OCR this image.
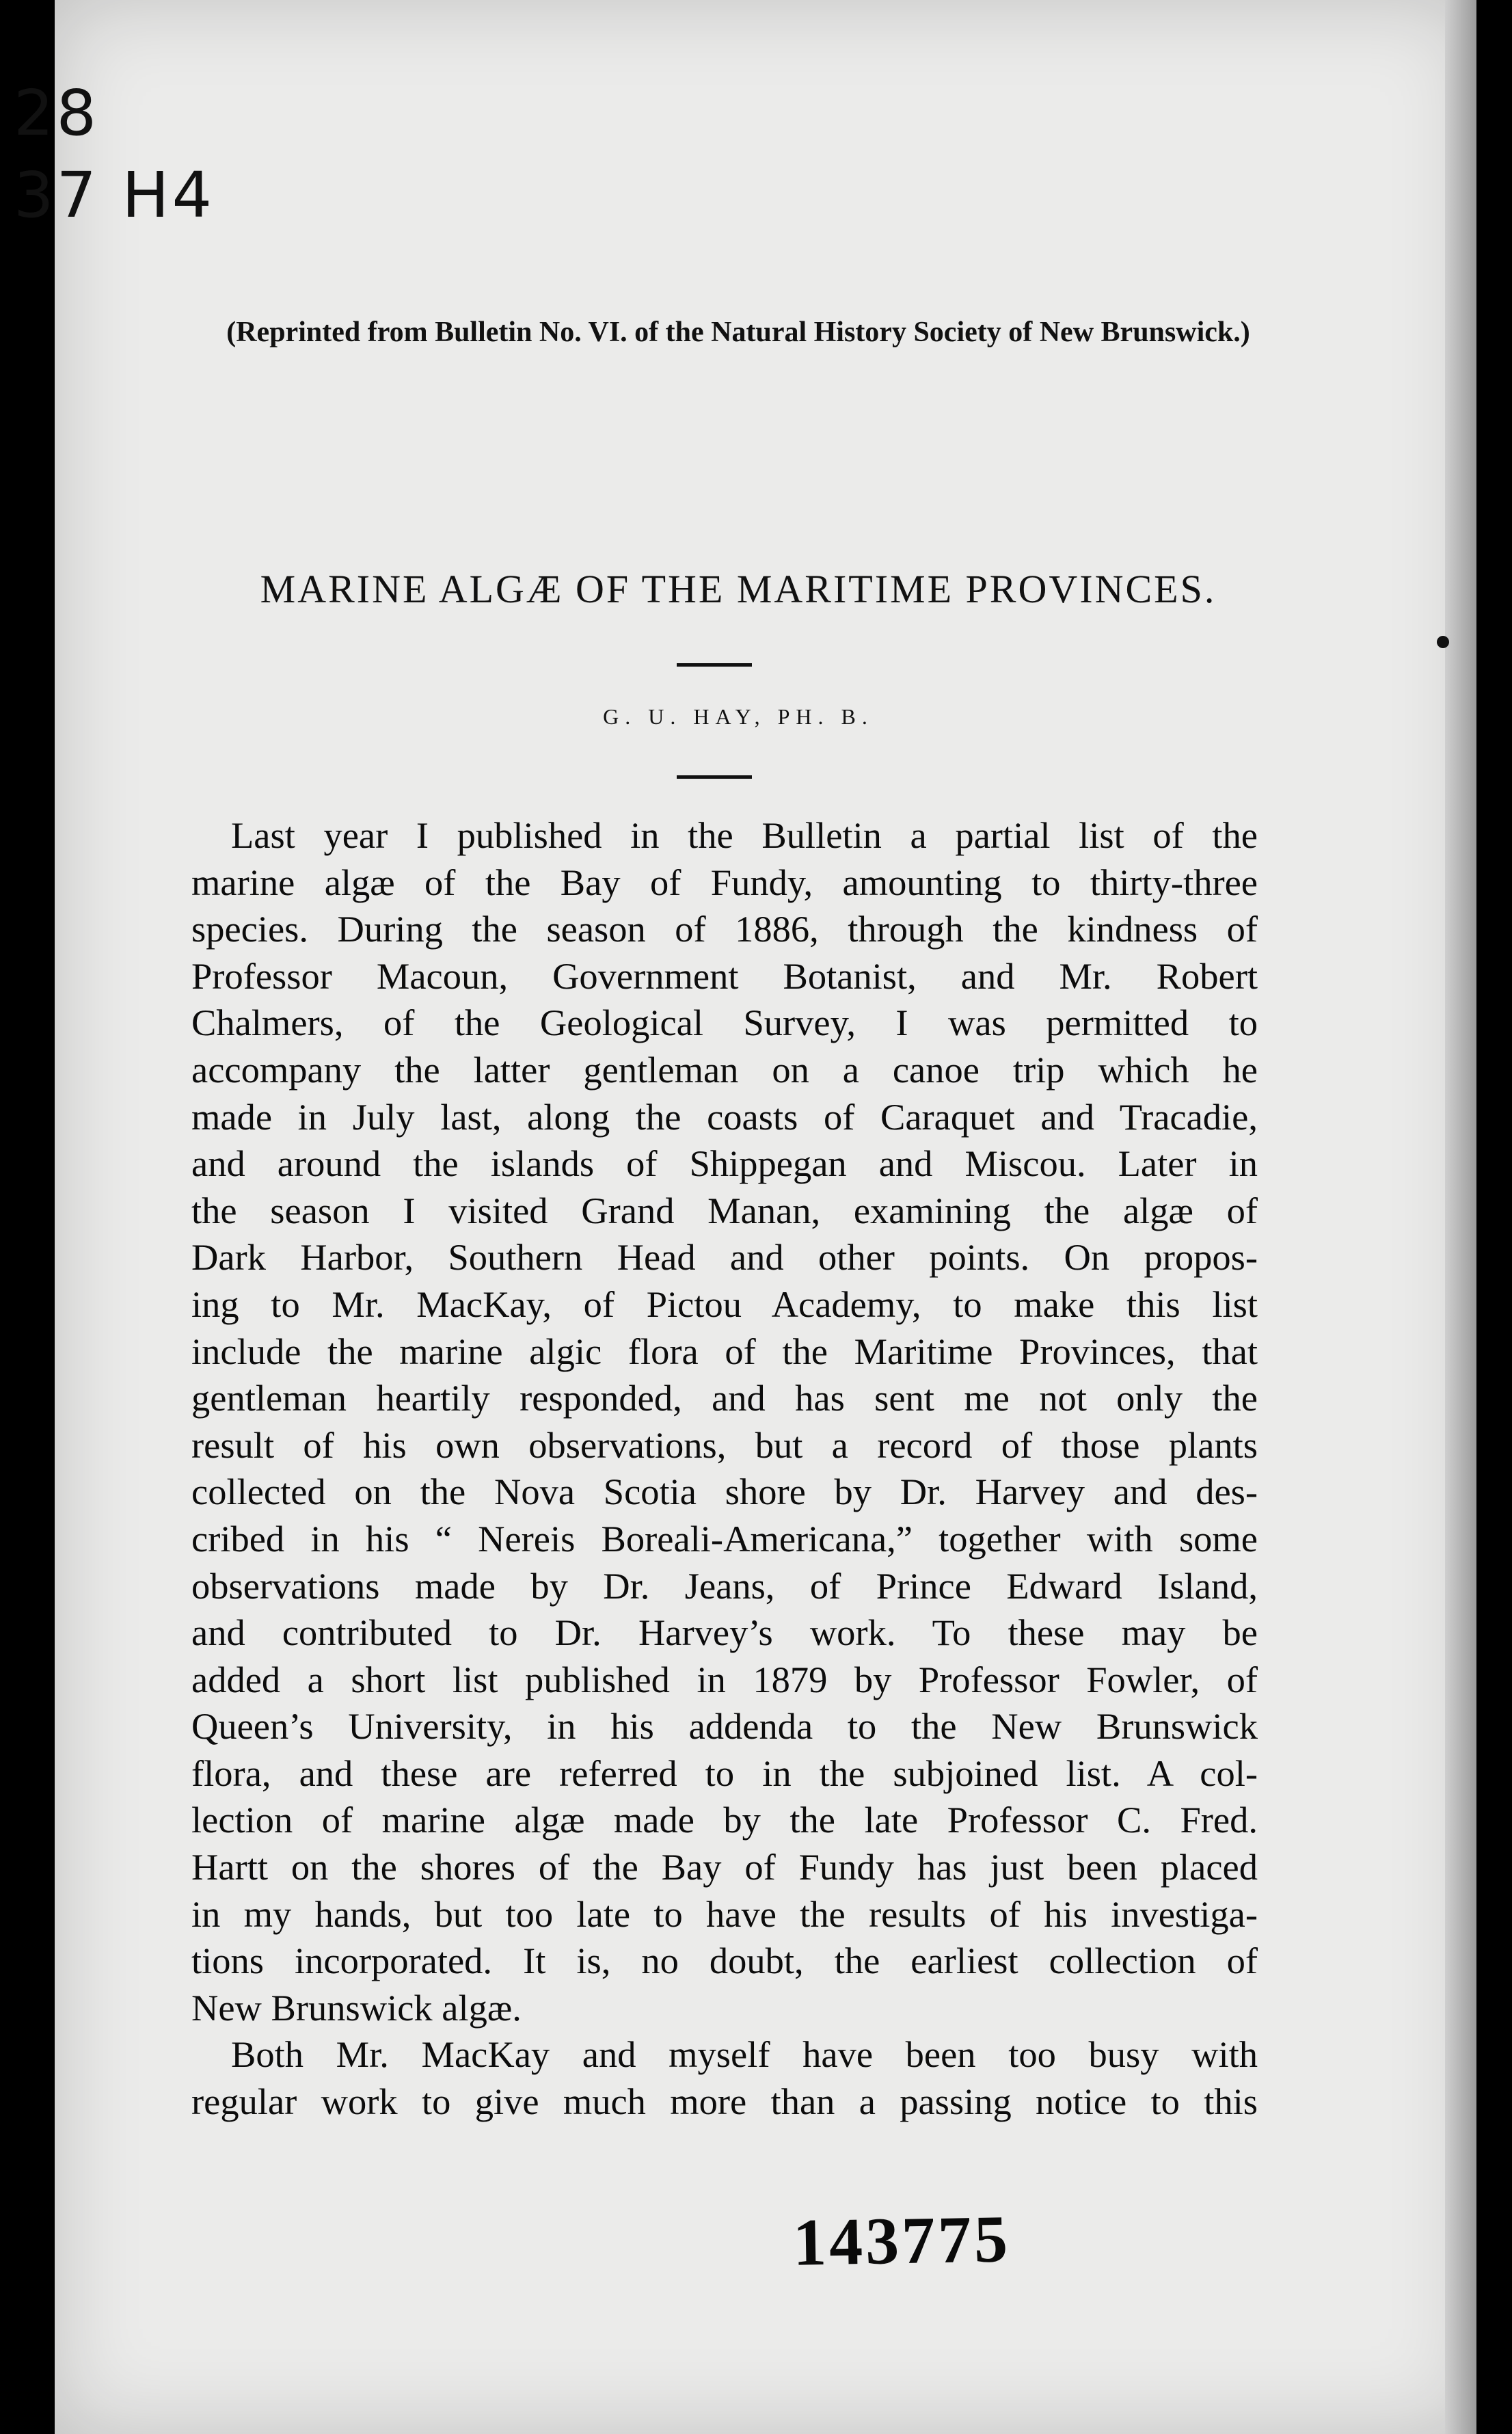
28
37 H4
(Reprinted from Bulletin No. VI. of the Natural History Society of New Brunswick.)
MARINE ALGÆ OF THE MARITIME PROVINCES.
G. U. HAY, PH. B.
Last year I published in the Bulletin a partial list of the
marine algæ of the Bay of Fundy, amounting to thirty-three
species. During the season of 1886, through the kindness of
Professor Macoun, Government Botanist, and Mr. Robert
Chalmers, of the Geological Survey, I was permitted to
accompany the latter gentleman on a canoe trip which he
made in July last, along the coasts of Caraquet and Tracadie,
and around the islands of Shippegan and Miscou. Later in
the season I visited Grand Manan, examining the algæ of
Dark Harbor, Southern Head and other points. On propos-
ing to Mr. MacKay, of Pictou Academy, to make this list
include the marine algic flora of the Maritime Provinces, that
gentleman heartily responded, and has sent me not only the
result of his own observations, but a record of those plants
collected on the Nova Scotia shore by Dr. Harvey and des-
cribed in his “ Nereis Boreali-Americana,” together with some
observations made by Dr. Jeans, of Prince Edward Island,
and contributed to Dr. Harvey’s work. To these may be
added a short list published in 1879 by Professor Fowler, of
Queen’s University, in his addenda to the New Brunswick
flora, and these are referred to in the subjoined list. A col-
lection of marine algæ made by the late Professor C. Fred.
Hartt on the shores of the Bay of Fundy has just been placed
in my hands, but too late to have the results of his investiga-
tions incorporated. It is, no doubt, the earliest collection of
New Brunswick algæ.
Both Mr. MacKay and myself have been too busy with
regular work to give much more than a passing notice to this
143775
